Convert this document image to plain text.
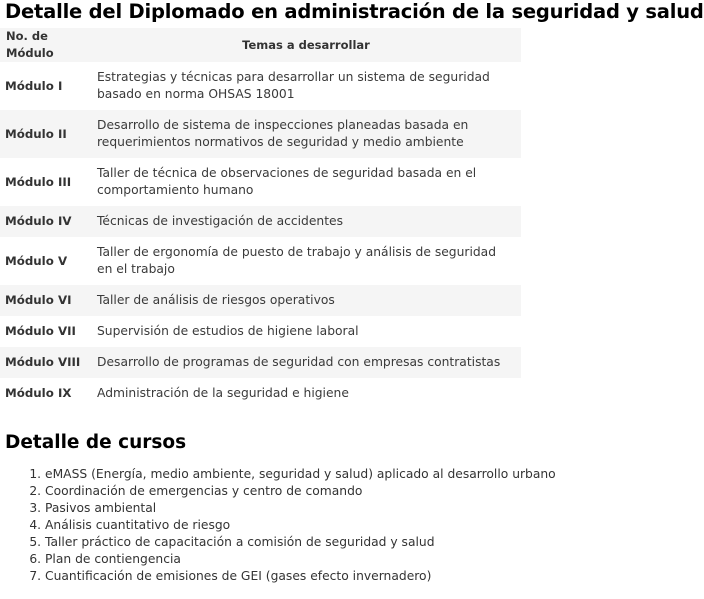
Detalle del Diplomado en administración de la seguridad y salud
No. de Módulo	Temas a desarrollar
Módulo I	Estrategias y técnicas para desarrollar un sistema de seguridad basado en norma OHSAS 18001
Módulo II	Desarrollo de sistema de inspecciones planeadas basada en requerimientos normativos de seguridad y medio ambiente
Módulo III	Taller de técnica de observaciones de seguridad basada en el comportamiento humano
Módulo IV	Técnicas de investigación de accidentes
Módulo V	Taller de ergonomía de puesto de trabajo y análisis de seguridad en el trabajo
Módulo VI	Taller de análisis de riesgos operativos
Módulo VII	Supervisión de estudios de higiene laboral
Módulo VIII	Desarrollo de programas de seguridad con empresas contratistas
Módulo IX	Administración de la seguridad e higiene
Detalle de cursos
1. eMASS (Energía, medio ambiente, seguridad y salud) aplicado al desarrollo urbano
2. Coordinación de emergencias y centro de comando
3. Pasivos ambiental
4. Análisis cuantitativo de riesgo
5. Taller práctico de capacitación a comisión de seguridad y salud
6. Plan de contiengencia
7. Cuantificación de emisiones de GEI (gases efecto invernadero)
